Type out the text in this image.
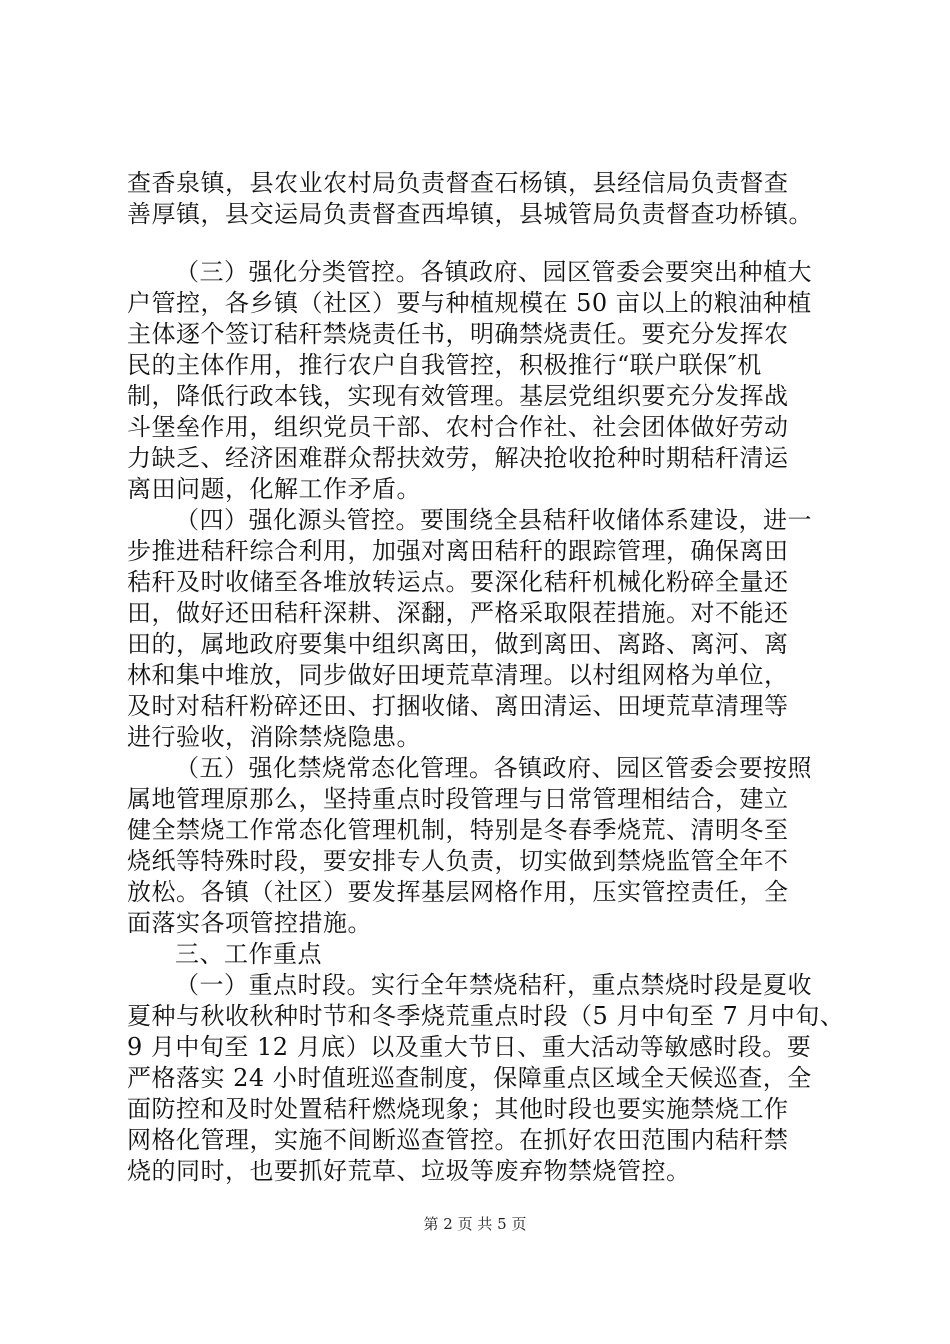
查香泉镇，县农业农村局负责督查石杨镇，县经信局负责督查
善厚镇，县交运局负责督查西埠镇，县城管局负责督查功桥镇。
（三）强化分类管控。各镇政府、园区管委会要突出种植大
户管控，各乡镇（社区）要与种植规模在 50 亩以上的粮油种植
主体逐个签订秸秆禁烧责任书，明确禁烧责任。要充分发挥农
民的主体作用，推行农户自我管控，积极推行“联户联保″机
制，降低行政本钱，实现有效管理。基层党组织要充分发挥战
斗堡垒作用，组织党员干部、农村合作社、社会团体做好劳动
力缺乏、经济困难群众帮扶效劳，解决抢收抢种时期秸秆清运
离田问题，化解工作矛盾。
（四）强化源头管控。要围绕全县秸秆收储体系建设，进一
步推进秸秆综合利用，加强对离田秸秆的跟踪管理，确保离田
秸秆及时收储至各堆放转运点。要深化秸秆机械化粉碎全量还
田，做好还田秸秆深耕、深翻，严格采取限茬措施。对不能还
田的，属地政府要集中组织离田，做到离田、离路、离河、离
林和集中堆放，同步做好田埂荒草清理。以村组网格为单位，
及时对秸秆粉碎还田、打捆收储、离田清运、田埂荒草清理等
进行验收，消除禁烧隐患。
（五）强化禁烧常态化管理。各镇政府、园区管委会要按照
属地管理原那么，坚持重点时段管理与日常管理相结合，建立
健全禁烧工作常态化管理机制，特别是冬春季烧荒、清明冬至
烧纸等特殊时段，要安排专人负责，切实做到禁烧监管全年不
放松。各镇（社区）要发挥基层网格作用，压实管控责任，全
面落实各项管控措施。
三、工作重点
（一）重点时段。实行全年禁烧秸秆，重点禁烧时段是夏收
夏种与秋收秋种时节和冬季烧荒重点时段（5 月中旬至 7 月中旬、
9 月中旬至 12 月底）以及重大节日、重大活动等敏感时段。要
严格落实 24 小时值班巡查制度，保障重点区域全天候巡查，全
面防控和及时处置秸秆燃烧现象；其他时段也要实施禁烧工作
网格化管理，实施不间断巡查管控。在抓好农田范围内秸秆禁
烧的同时，也要抓好荒草、垃圾等废弃物禁烧管控。
第 2 页 共 5 页
